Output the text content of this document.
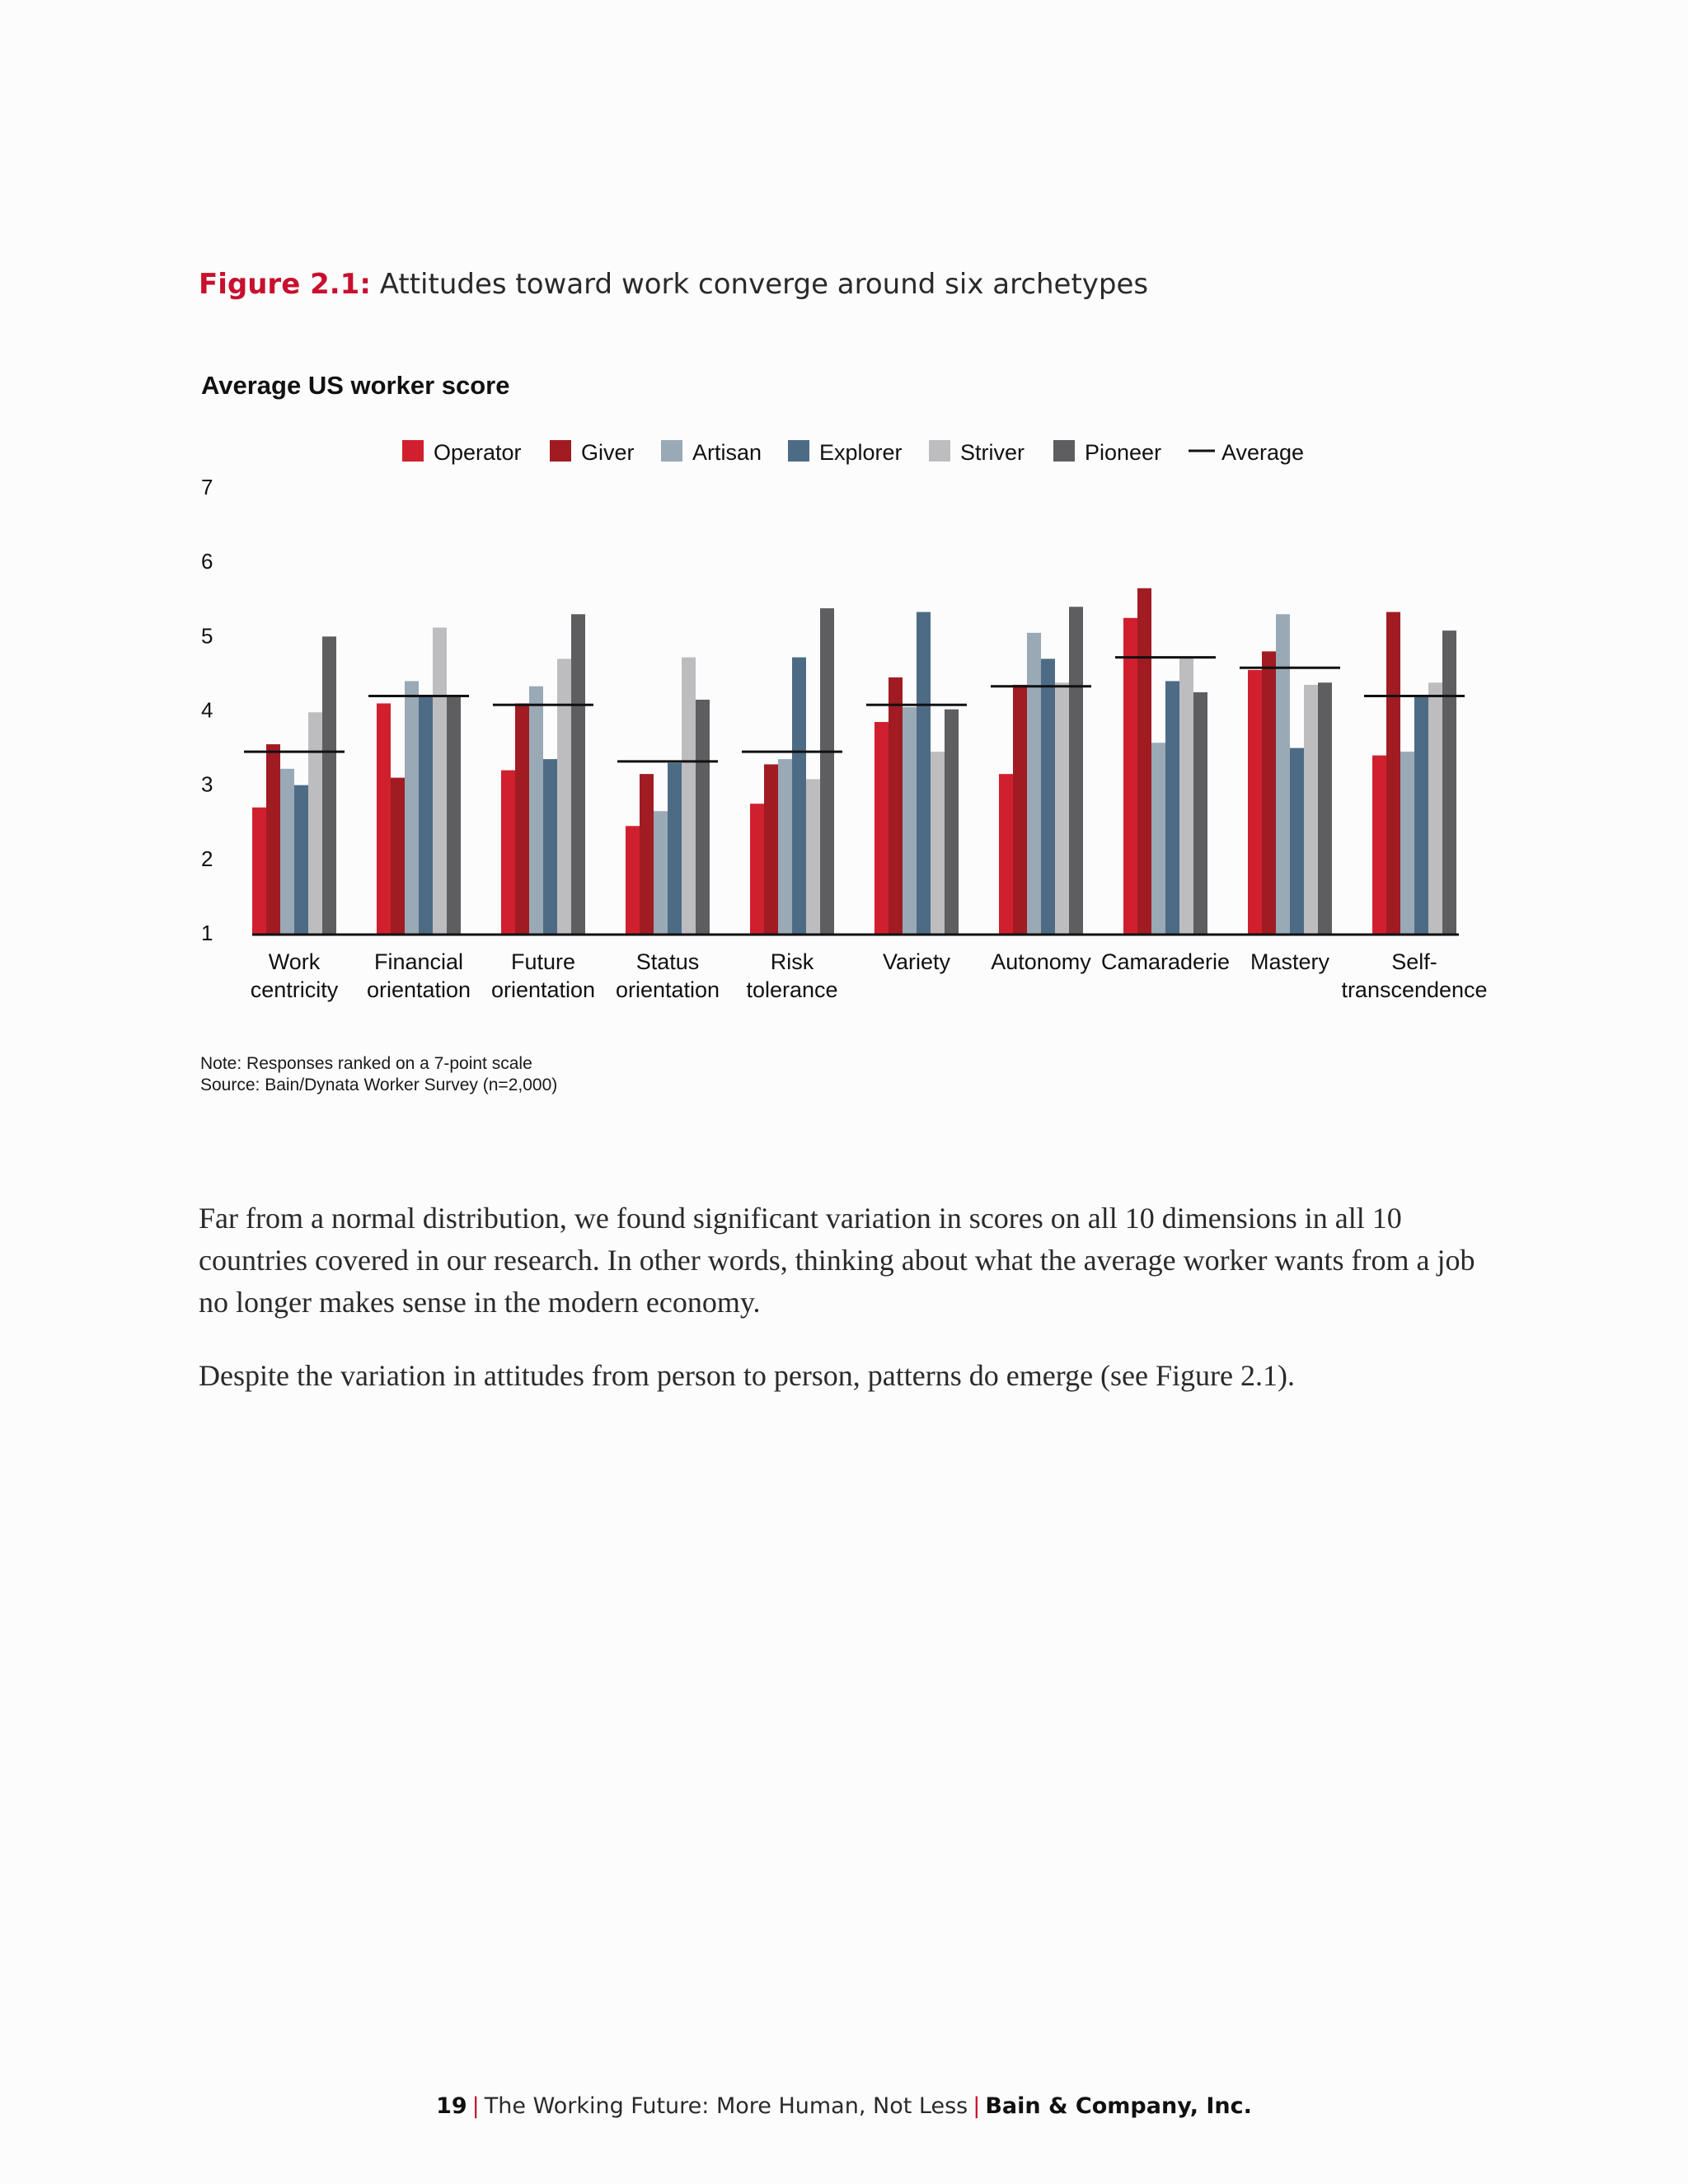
Figure 2.1: Attitudes toward work converge around six archetypes
Average US worker score
Operator	Giver	Artisan	Explorer	Striver	Pioneer	Average
1
2
3
4
5
6
7
Work
centricity
Financial
orientation
Future
orientation
Status
orientation
Risk
tolerance
Variety Autonomy Camaraderie Mastery	Self-
transcendence
Note: Responses ranked on a 7-point scale
Source: Bain/Dynata Worker Survey (n=2,000)

Far from a normal distribution, we found significant variation in scores on all 10 dimensions in all 10 countries covered in our research. In other words, thinking about what the average worker wants from a job no longer makes sense in the modern economy.

Despite the variation in attitudes from person to person, patterns do emerge (see Figure 2.1).

19 | The Working Future: More Human, Not Less | Bain & Company, Inc.
